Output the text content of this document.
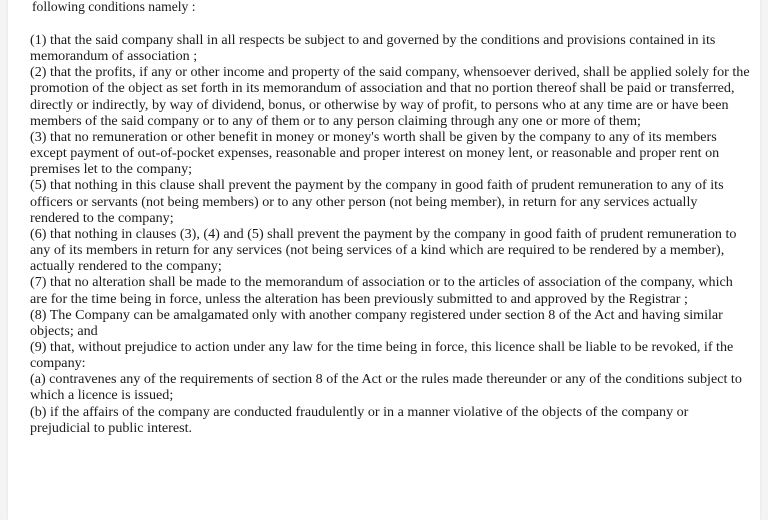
following conditions namely :

(1) that the said company shall in all respects be subject to and governed by the conditions and provisions contained in its memorandum of association ;

(2) that the profits, if any or other income and property of the said company, whensoever derived, shall be applied solely for the promotion of the object as set forth in its memorandum of association and that no portion thereof shall be paid or transferred, directly or indirectly, by way of dividend, bonus, or otherwise by way of profit, to persons who at any time are or have been members of the said company or to any of them or to any person claiming through any one or more of them;

(3) that no remuneration or other benefit in money or money's worth shall be given by the company to any of its members except payment of out-of-pocket expenses, reasonable and proper interest on money lent, or reasonable and proper rent on premises let to the company;

(5) that nothing in this clause shall prevent the payment by the company in good faith of prudent remuneration to any of its officers or servants (not being members) or to any other person (not being member), in return for any services actually rendered to the company;

(6) that nothing in clauses (3), (4) and (5) shall prevent the payment by the company in good faith of prudent remuneration to any of its members in return for any services (not being services of a kind which are required to be rendered by a member), actually rendered to the company;

(7) that no alteration shall be made to the memorandum of association or to the articles of association of the company, which are for the time being in force, unless the alteration has been previously submitted to and approved by the Registrar ;

(8) The Company can be amalgamated only with another company registered under section 8 of the Act and having similar objects; and

(9) that, without prejudice to action under any law for the time being in force, this licence shall be liable to be revoked, if the company:

(a) contravenes any of the requirements of section 8 of the Act or the rules made thereunder or any of the conditions subject to which a licence is issued;

(b) if the affairs of the company are conducted fraudulently or in a manner violative of the objects of the company or prejudicial to public interest.
